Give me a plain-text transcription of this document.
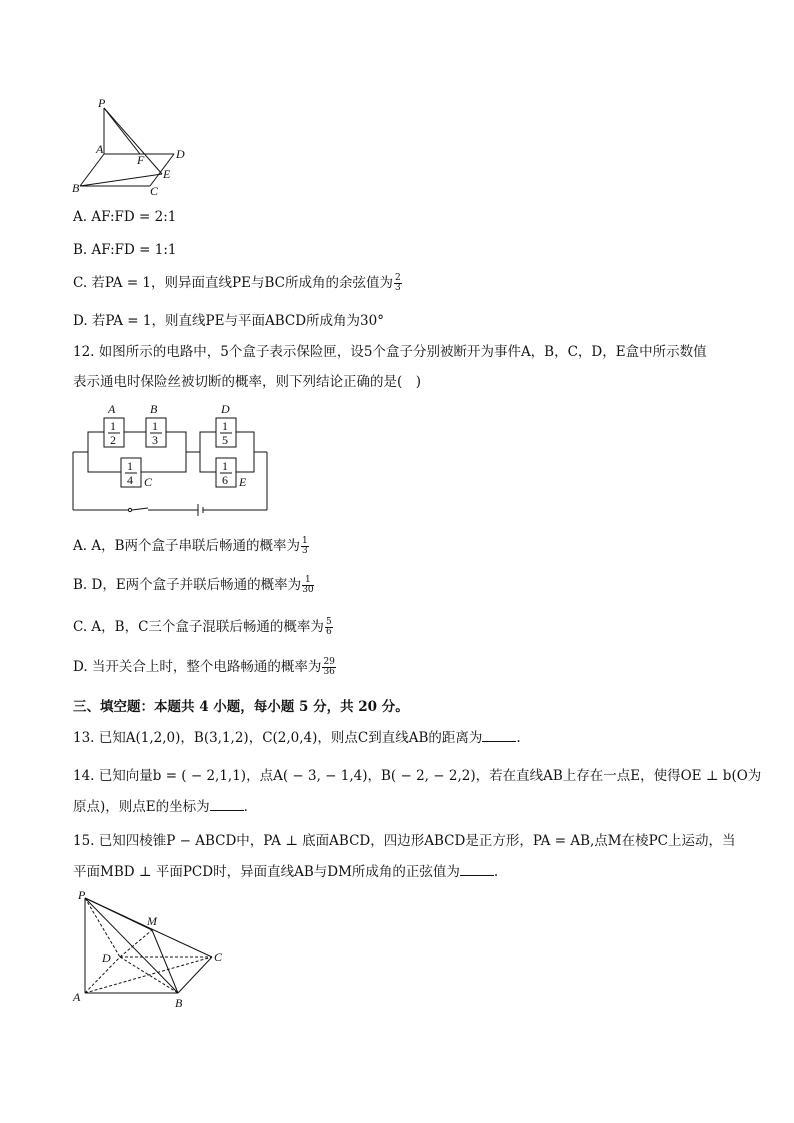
P
A
F	D
B	C
E
A. AF:FD = 2:1
B. AF:FD = 1:1
C. 若PA = 1，则异面直线PE与BC所成角的余弦值为 $\frac{2}{3}$
D. 若PA = 1，则直线PE与平面ABCD所成角为30°
12. 如图所示的电路中，5个盒子表示保险匣，设5个盒子分别被断开为事件A，B，C，D，E盒中所示数值
表示通电时保险丝被切断的概率，则下列结论正确的是(　)
1
2
1
3
1
4
1
5
1
6
A	B
C
D
E
A. A，B两个盒子串联后畅通的概率为 $\frac{1}{3}$
B. D，E两个盒子并联后畅通的概率为 $\frac{1}{30}$
C. A，B，C三个盒子混联后畅通的概率为 $\frac{5}{6}$
D. 当开关合上时，整个电路畅通的概率为 $\frac{29}{36}$
三、填空题：本题共 4 小题，每小题 5 分，共 20 分。
13. 已知A(1,2,0)，B(3,1,2)，C(2,0,4)，则点C到直线AB的距离为	.
14. 已知向量b = ( − 2,1,1)，点A( − 3, − 1,4)，B( − 2, − 2,2)，若在直线AB上存在一点E，使得OE ⊥ b(O为
原点)，则点E的坐标为	.
15. 已知四棱锥P − ABCD中，PA ⊥ 底面ABCD，四边形ABCD是正方形，PA = AB,点M在棱PC上运动，当
平面MBD ⊥ 平面PCD时，异面直线AB与DM所成角的正弦值为	.
P
M
D	C
A	B
